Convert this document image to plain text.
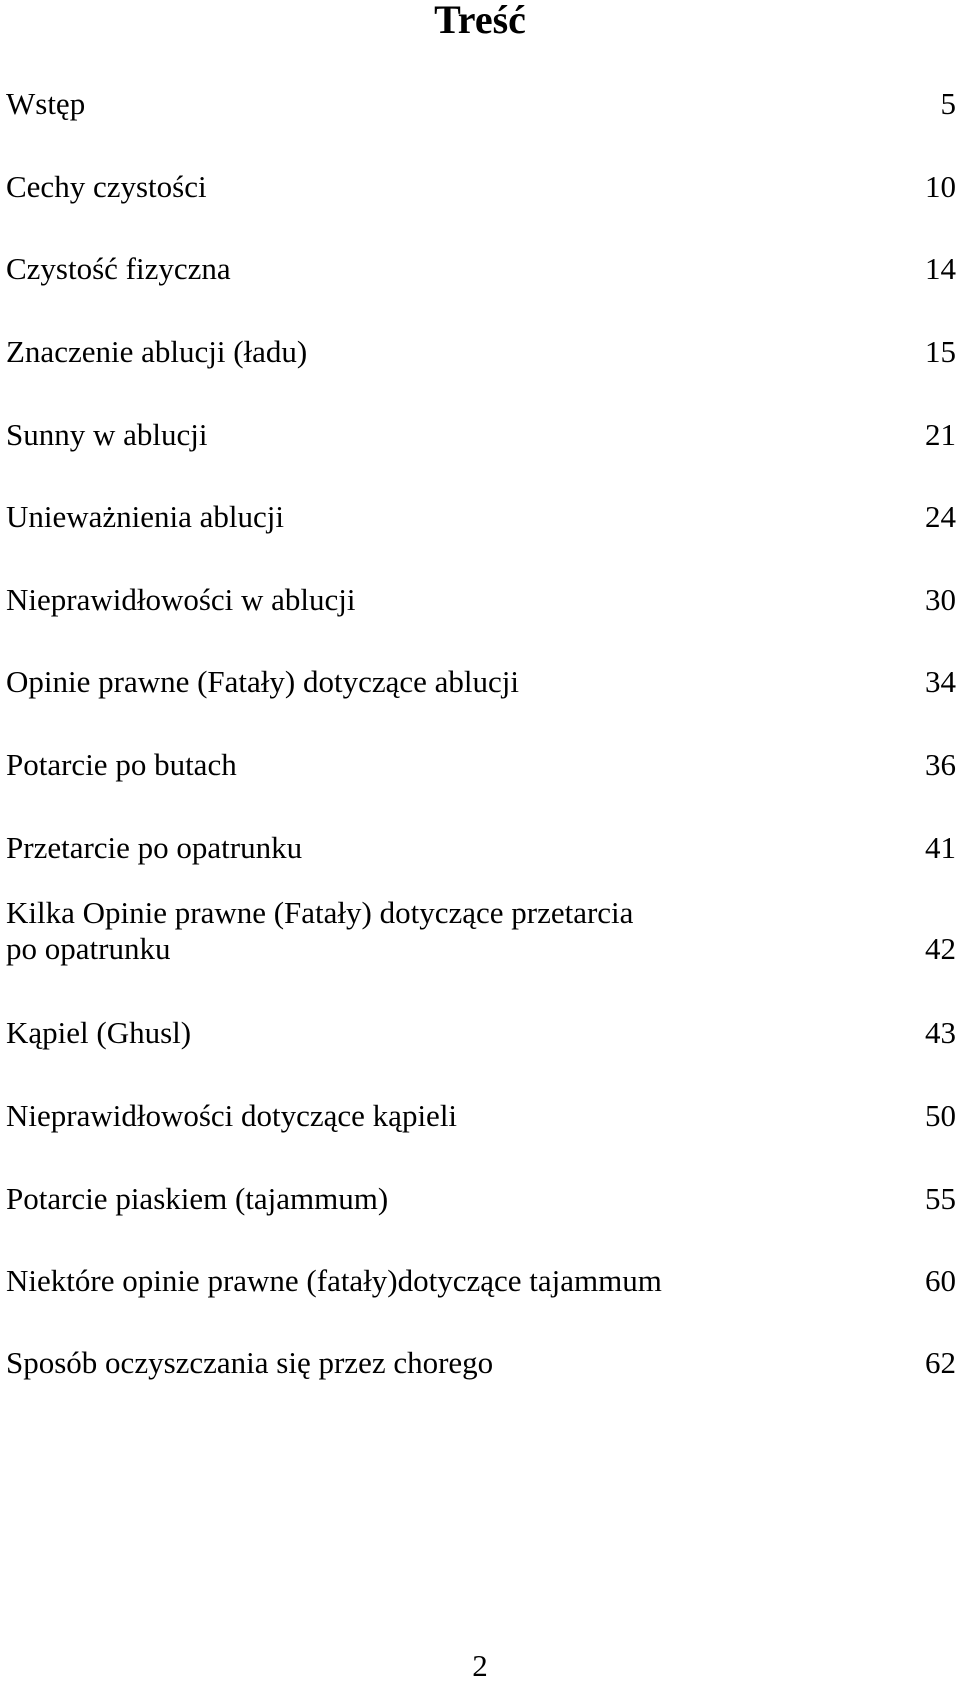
Treść
Wstęp	5
Cechy czystości	10
Czystość fizyczna	14
Znaczenie ablucji (ładu)	15
Sunny w ablucji	21
Unieważnienia ablucji	24
Nieprawidłowości w ablucji	30
Opinie prawne (Fatały) dotyczące ablucji	34
Potarcie po butach	36
Przetarcie po opatrunku	41
Kilka Opinie prawne (Fatały) dotyczące przetarcia
po opatrunku	42
Kąpiel (Ghusl)	43
Nieprawidłowości dotyczące kąpieli	50
Potarcie piaskiem (tajammum)	55
Niektóre opinie prawne (fatały)dotyczące tajammum	60
Sposób oczyszczania się przez chorego	62
2
